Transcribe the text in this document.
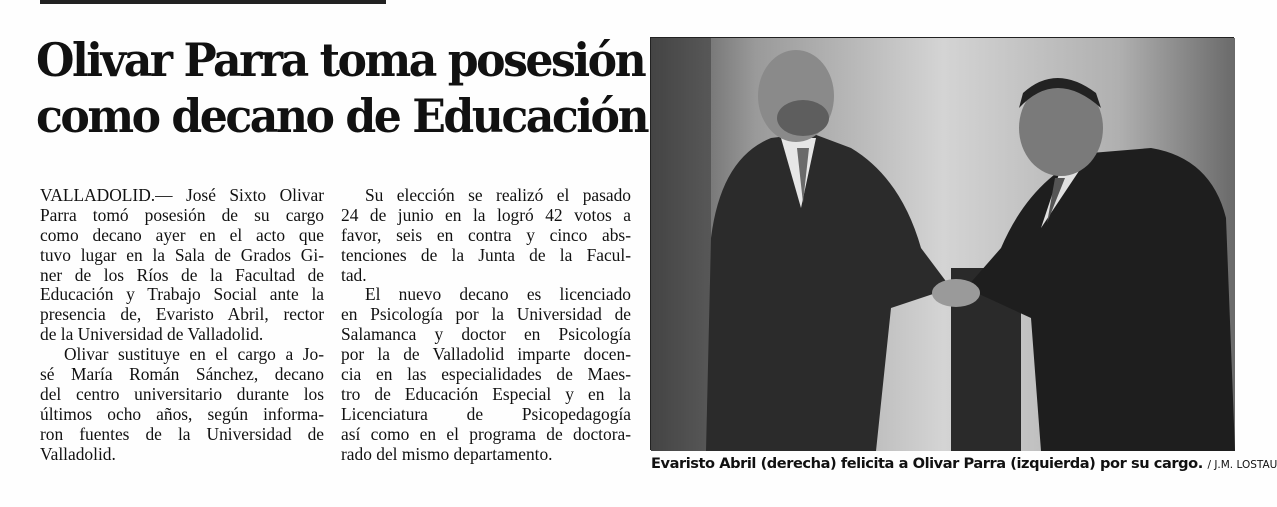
Olivar Parra toma posesión
como decano de Educación
VALLADOLID.— José Sixto Olivar
Parra tomó posesión de su cargo
como decano ayer en el acto que
tuvo lugar en la Sala de Grados Gi-
ner de los Ríos de la Facultad de
Educación y Trabajo Social ante la
presencia de, Evaristo Abril, rector
de la Universidad de Valladolid.
Olivar sustituye en el cargo a Jo-
sé María Román Sánchez, decano
del centro universitario durante los
últimos ocho años, según informa-
ron fuentes de la Universidad de
Valladolid.
Su elección se realizó el pasado
24 de junio en la logró 42 votos a
favor, seis en contra y cinco abs-
tenciones de la Junta de la Facul-
tad.
El nuevo decano es licenciado
en Psicología por la Universidad de
Salamanca y doctor en Psicología
por la de Valladolid imparte docen-
cia en las especialidades de Maes-
tro de Educación Especial y en la
Licenciatura de Psicopedagogía
así como en el programa de doctora-
rado del mismo departamento.	Evaristo Abril (derecha) felicita a Olivar Parra (izquierda) por su cargo. / J.M. LOSTAU
